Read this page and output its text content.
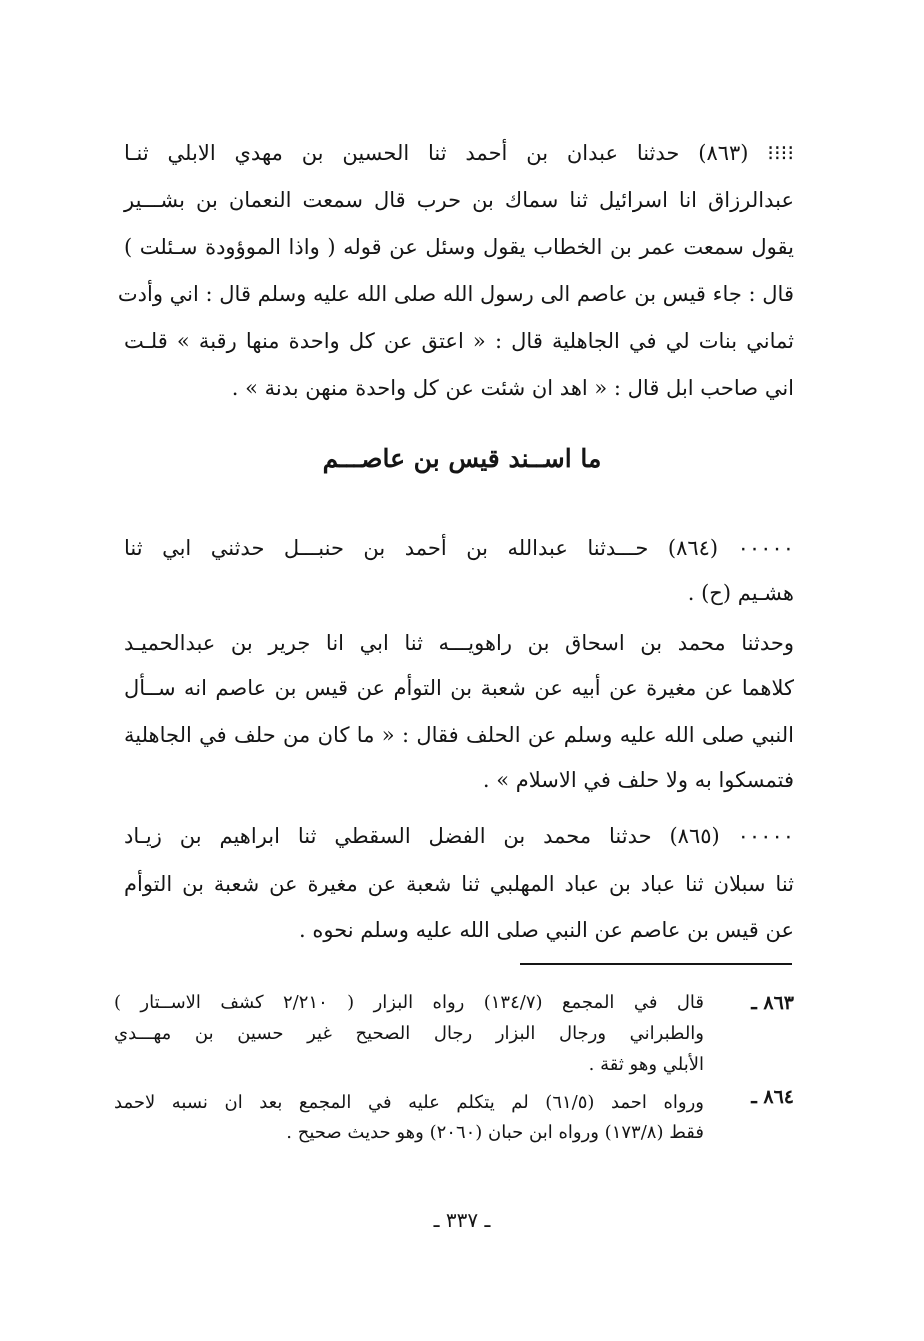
⁝⁝⁝⁝ (٨٦٣) حدثنا عبدان بن أحمد ثنا الحسين بن مهدي الابلي ثنـا
عبدالرزاق انا اسرائيل ثنا سماك بن حرب قال سمعت النعمان بن بشـــير
يقول سمعت عمر بن الخطاب يقول وسئل عن قوله ( واذا الموؤودة سـئلت )
قال : جاء قيس بن عاصم الى رسول الله صلى الله عليه وسلم قال : اني وأدت
ثماني بنات لي في الجاهلية قال : « اعتق عن كل واحدة منها رقبة » قلـت
اني صاحب ابل قال : « اهد ان شئت عن كل واحدة منهن بدنة » .
ما اســند قيس بن عاصـــم
٠٠٠٠٠ (٨٦٤) حـــدثنا عبدالله بن أحمد بن حنبـــل حدثني ابي ثنا
هشـيم (ح) .
وحدثنا محمد بن اسحاق بن راهويـــه ثنا ابي انا جرير بن عبدالحميـد
كلاهما عن مغيرة عن أبيه عن شعبة بن التوأم عن قيس بن عاصم انه ســأل
النبي صلى الله عليه وسلم عن الحلف فقال : « ما كان من حلف في الجاهلية
فتمسكوا به ولا حلف في الاسلام » .
٠٠٠٠٠ (٨٦٥) حدثنا محمد بن الفضل السقطي ثنا ابراهيم بن زيـاد
ثنا سبلان ثنا عباد بن عباد المهلبي ثنا شعبة عن مغيرة عن شعبة بن التوأم
عن قيس بن عاصم عن النبي صلى الله عليه وسلم نحوه .
٨٦٣ ـ
قال في المجمع (١٣٤/٧) رواه البزار ( ٢/٢١٠ كشف الاســتار )
والطبراني ورجال البزار رجال الصحيح غير حسين بن مهـــدي
الأبلي وهو ثقة .
٨٦٤ ـ
ورواه احمد (٦١/٥) لم يتكلم عليه في المجمع بعد ان نسبه لاحمد
فقط (١٧٣/٨) ورواه ابن حبان (٢٠٦٠) وهو حديث صحيح .
ـ ٣٣٧ ـ
